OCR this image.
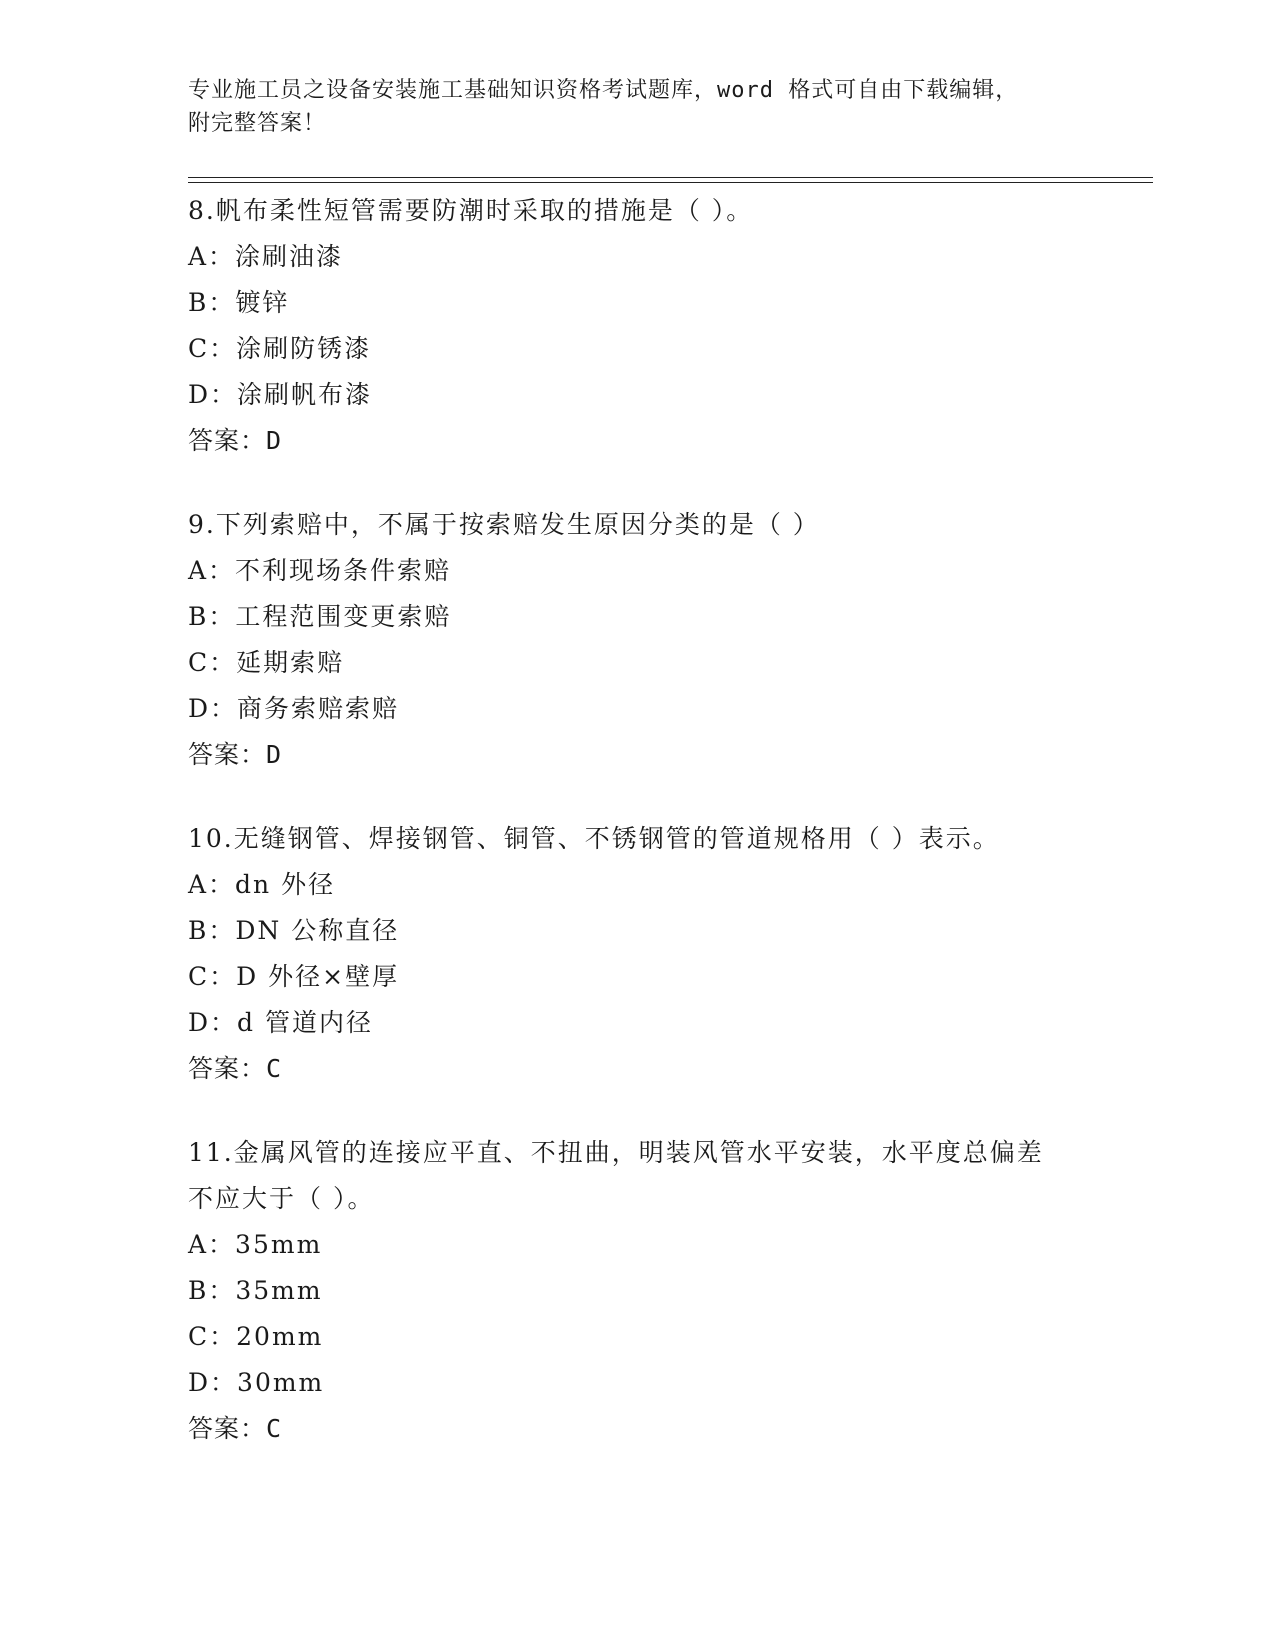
专业施工员之设备安装施工基础知识资格考试题库，word 格式可自由下载编辑，
附完整答案！
8.帆布柔性短管需要防潮时采取的措施是（ ）。
A：涂刷油漆
B：镀锌
C：涂刷防锈漆
D：涂刷帆布漆
答案：D
9.下列索赔中，不属于按索赔发生原因分类的是（ ）
A：不利现场条件索赔
B：工程范围变更索赔
C：延期索赔
D：商务索赔索赔
答案：D
10.无缝钢管、焊接钢管、铜管、不锈钢管的管道规格用（ ）表示。
A：dn 外径
B：DN 公称直径
C：D 外径×壁厚
D：d 管道内径
答案：C
11.金属风管的连接应平直、不扭曲，明装风管水平安装，水平度总偏差不应大于（ ）。
A：35mm
B：35mm
C：20mm
D：30mm
答案：C
